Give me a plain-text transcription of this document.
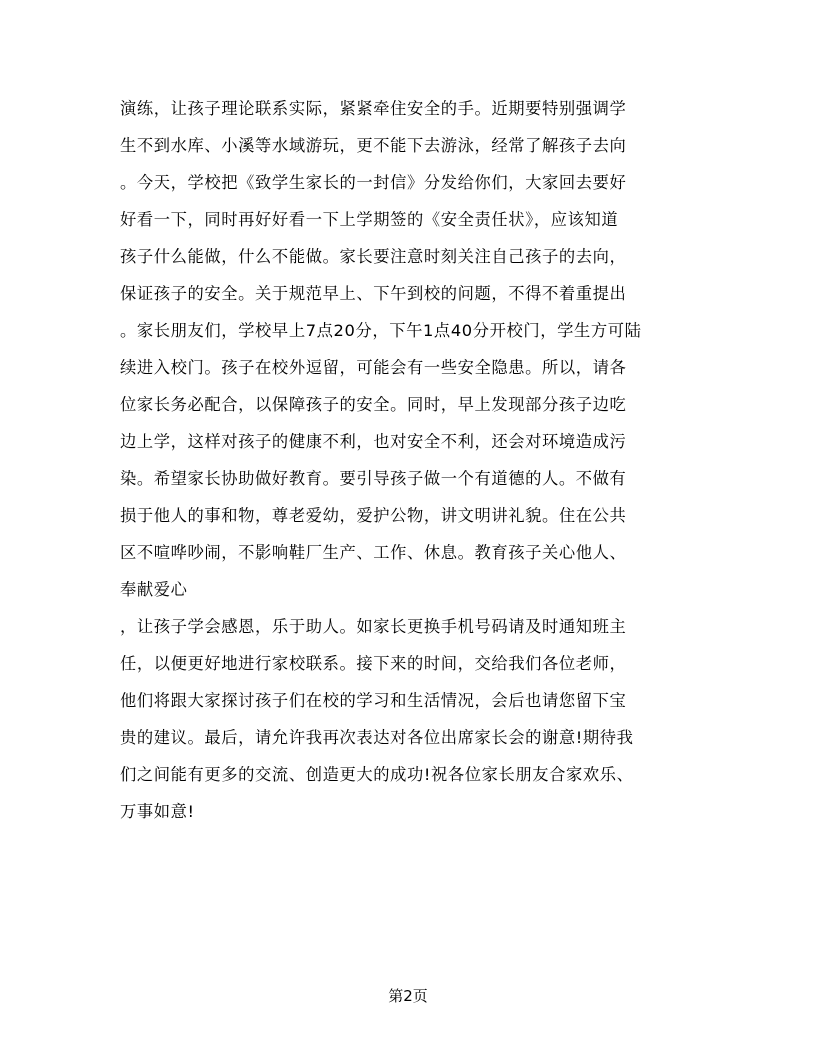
演练，让孩子理论联系实际，紧紧牵住安全的手。近期要特别强调学
生不到水库、小溪等水域游玩，更不能下去游泳，经常了解孩子去向
。今天，学校把《致学生家长的一封信》分发给你们，大家回去要好
好看一下，同时再好好看一下上学期签的《安全责任状》，应该知道
孩子什么能做，什么不能做。家长要注意时刻关注自己孩子的去向，
保证孩子的安全。关于规范早上、下午到校的问题，不得不着重提出
。家长朋友们，学校早上7点20分，下午1点40分开校门，学生方可陆
续进入校门。孩子在校外逗留，可能会有一些安全隐患。所以，请各
位家长务必配合，以保障孩子的安全。同时，早上发现部分孩子边吃
边上学，这样对孩子的健康不利，也对安全不利，还会对环境造成污
染。希望家长协助做好教育。要引导孩子做一个有道德的人。不做有
损于他人的事和物，尊老爱幼，爱护公物，讲文明讲礼貌。住在公共
区不喧哗吵闹，不影响鞋厂生产、工作、休息。教育孩子关心他人、
奉献爱心
，让孩子学会感恩，乐于助人。如家长更换手机号码请及时通知班主
任，以便更好地进行家校联系。接下来的时间，交给我们各位老师，
他们将跟大家探讨孩子们在校的学习和生活情况，会后也请您留下宝
贵的建议。最后，请允许我再次表达对各位出席家长会的谢意!期待我
们之间能有更多的交流、创造更大的成功!祝各位家长朋友合家欢乐、
万事如意!
第2页
